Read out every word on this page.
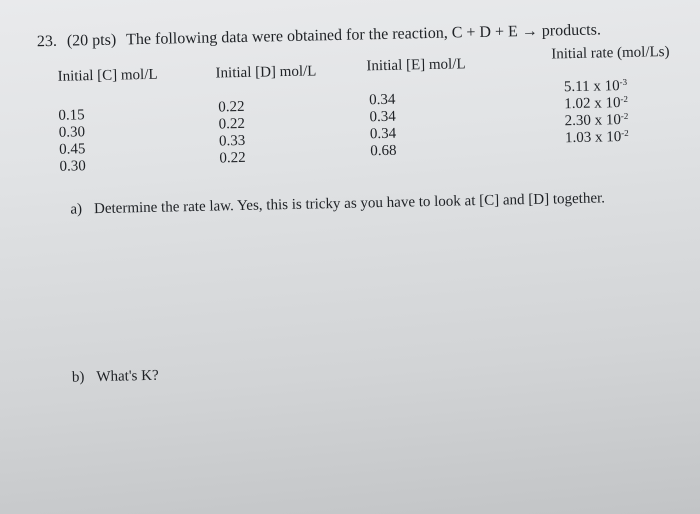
23. (20 pts) The following data were obtained for the reaction, C + D + E → products.
Initial [C] mol/L	Initial [D] mol/L	Initial [E] mol/L
Initial rate (mol/Ls)
0.15
0.30
0.45
0.30
0.22
0.22
0.33
0.22
0.34
0.34
0.34
0.68
5.11 x $10^{-3}$
1.02 x $10^{-2}$
2.30 x $10^{-2}$
1.03 x $10^{-2}$
a) Determine the rate law. Yes, this is tricky as you have to look at [C] and [D] together.
b) What's K?
